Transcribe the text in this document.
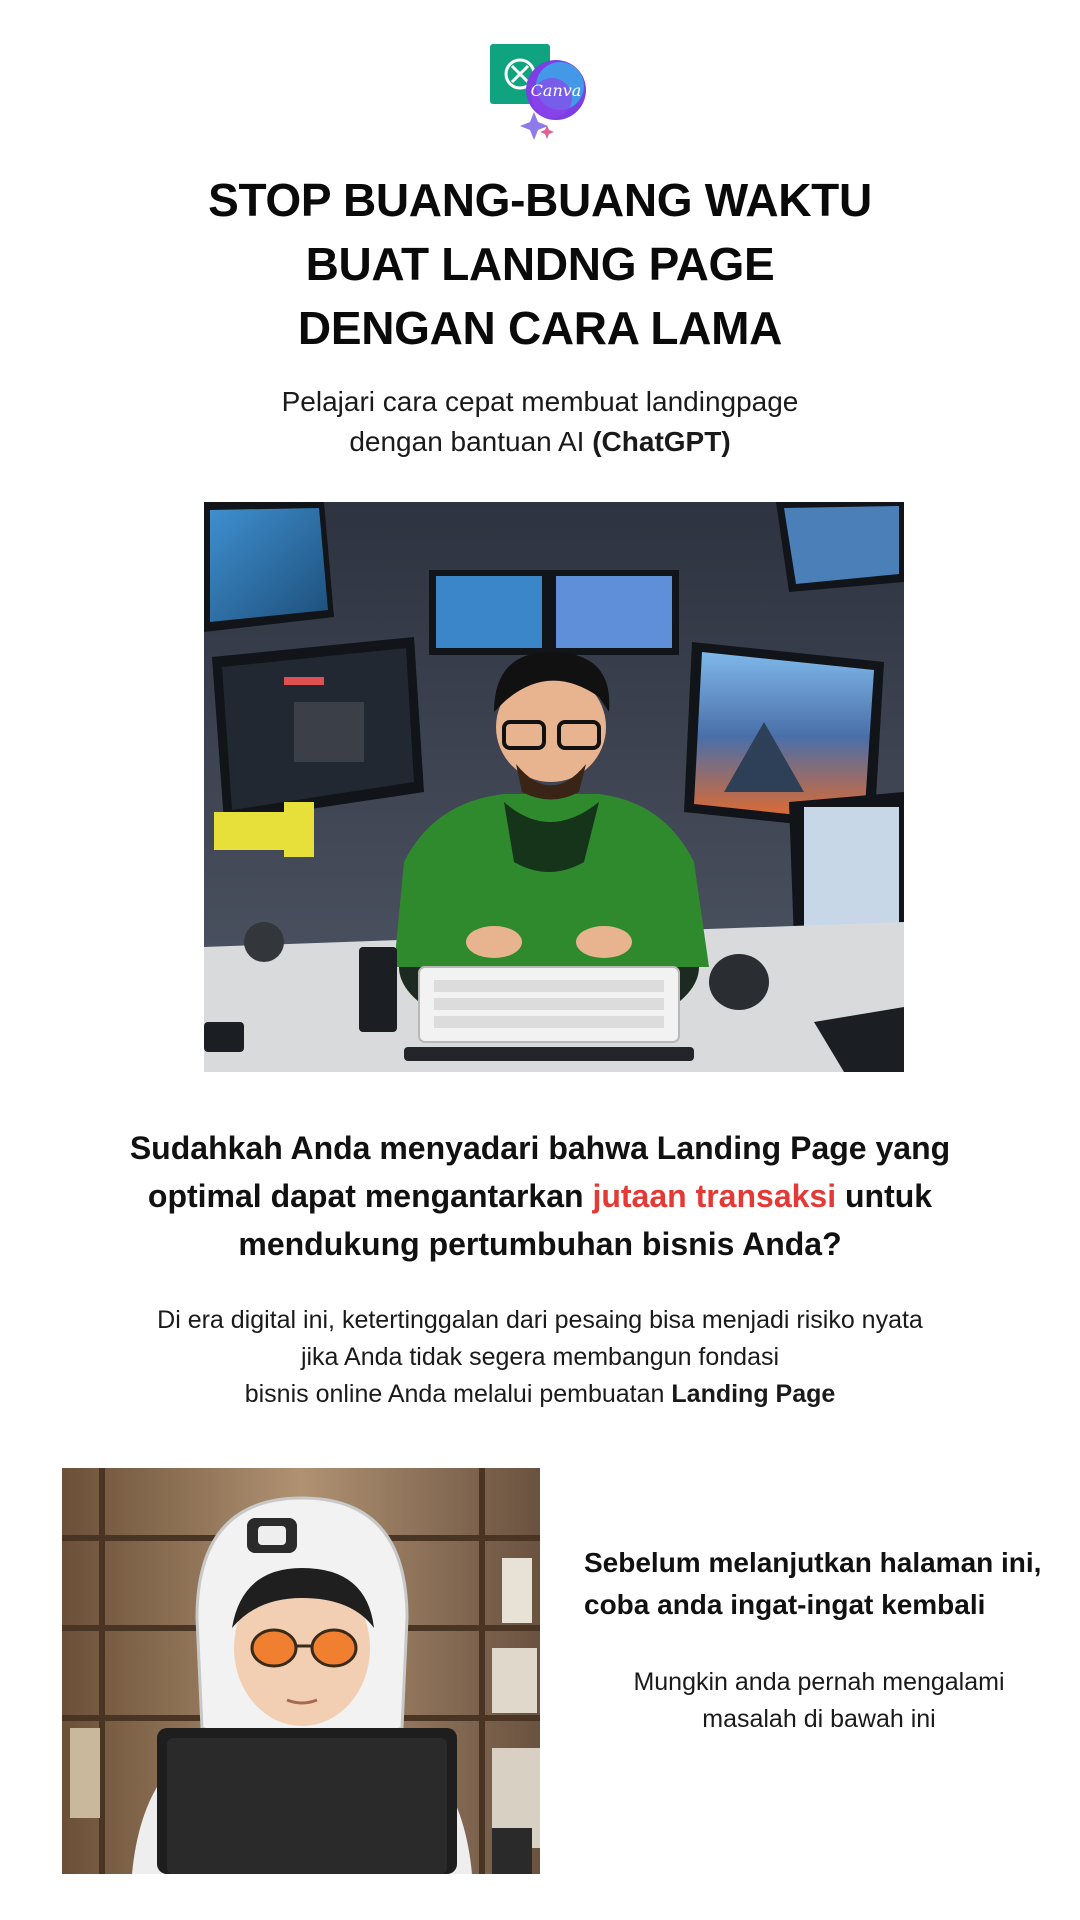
Canva
STOP BUANG-BUANG WAKTU
BUAT LANDNG PAGE
DENGAN CARA LAMA
Pelajari cara cepat membuat landingpage
dengan bantuan AI (ChatGPT)
Sudahkah Anda menyadari bahwa Landing Page yang
optimal dapat mengantarkan jutaan transaksi untuk
mendukung pertumbuhan bisnis Anda?
Di era digital ini, ketertinggalan dari pesaing bisa menjadi risiko nyata
jika Anda tidak segera membangun fondasi
bisnis online Anda melalui pembuatan Landing Page
Sebelum melanjutkan halaman ini,
coba anda ingat-ingat kembali
Mungkin anda pernah mengalami
masalah di bawah ini
